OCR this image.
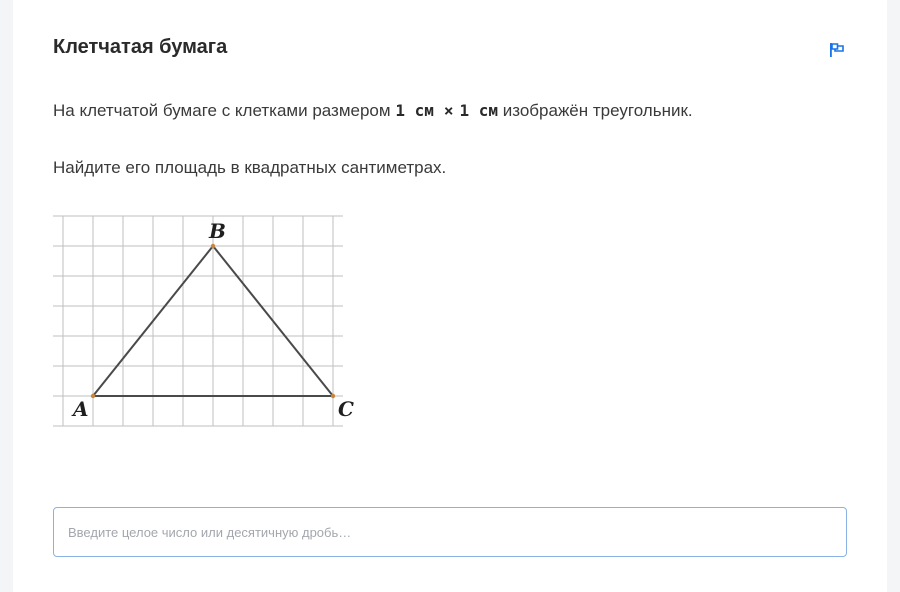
Клетчатая бумага

На клетчатой бумаге с клетками размером 1 см × 1 см изображён треугольник.

Найдите его площадь в квадратных сантиметрах.

A
B
C
Введите целое число или десятичную дробь…
